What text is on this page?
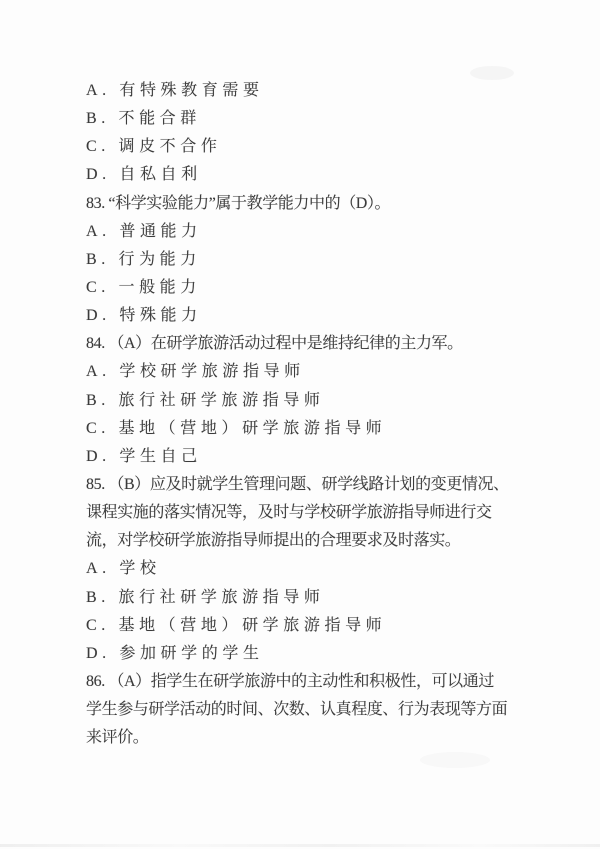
A. 有特殊教育需要
B. 不能合群
C. 调皮不合作
D. 自私自利
83. “科学实验能力”属于教学能力中的（D）。
A. 普通能力
B. 行为能力
C. 一般能力
D. 特殊能力
84. （A）在研学旅游活动过程中是维持纪律的主力军。
A. 学校研学旅游指导师
B. 旅行社研学旅游指导师
C. 基地（营地）研学旅游指导师
D. 学生自己
85. （B）应及时就学生管理问题、研学线路计划的变更情况、
课程实施的落实情况等，及时与学校研学旅游指导师进行交
流，对学校研学旅游指导师提出的合理要求及时落实。
A. 学校
B. 旅行社研学旅游指导师
C. 基地（营地）研学旅游指导师
D. 参加研学的学生
86. （A）指学生在研学旅游中的主动性和积极性，可以通过
学生参与研学活动的时间、次数、认真程度、行为表现等方面
来评价。
